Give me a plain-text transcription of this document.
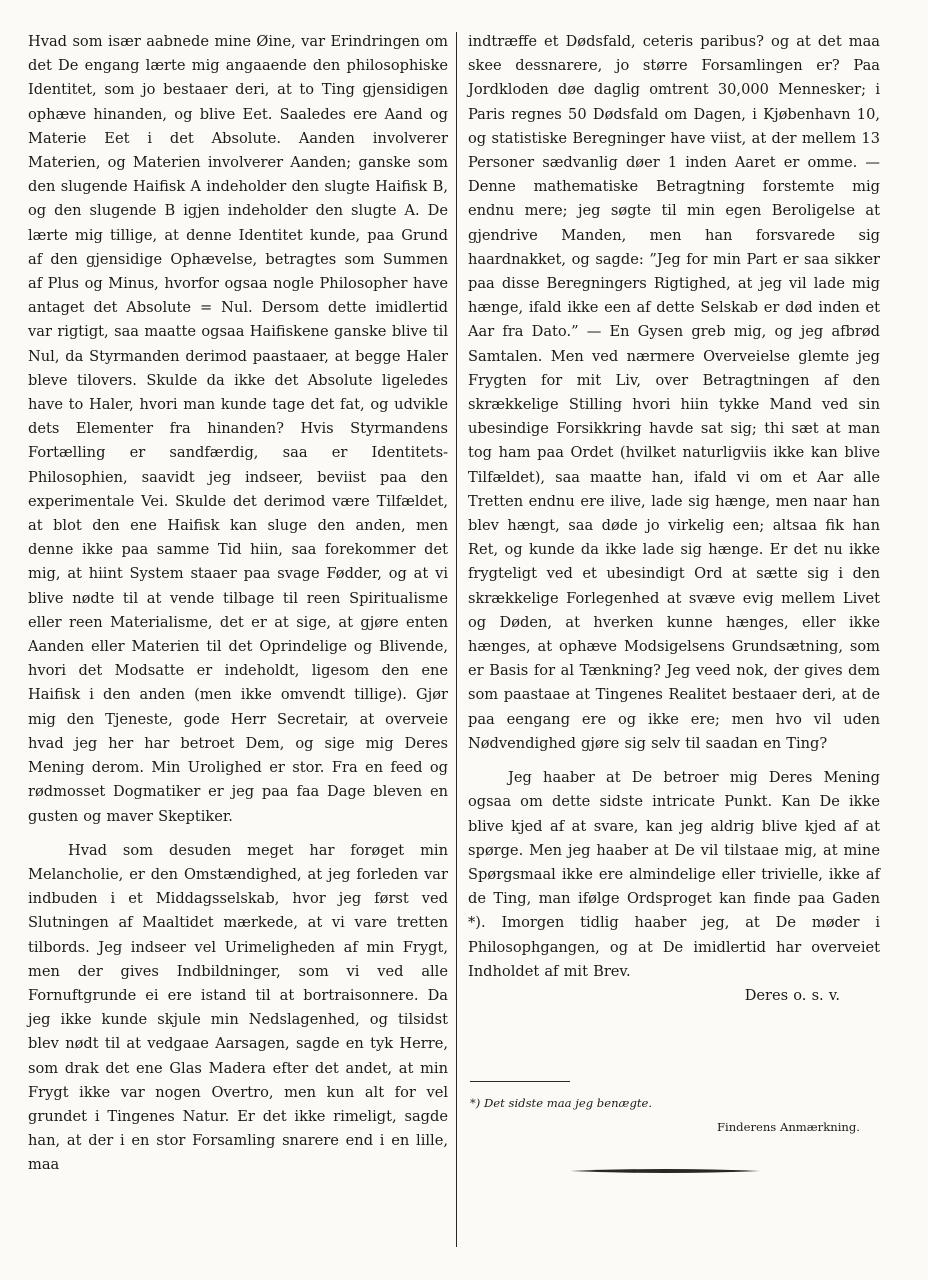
Hvad som især aabnede mine Øine, var Erindringen om det De engang lærte mig angaaende den philosophiske Identitet, som jo bestaaer deri, at to Ting gjensidigen ophæve hinanden, og blive Eet. Saaledes ere Aand og Materie Eet i det Absolute. Aanden involverer Materien, og Materien involverer Aanden; ganske som den slugende Haifisk A indeholder den slugte Haifisk B, og den slugende B igjen indeholder den slugte A. De lærte mig tillige, at denne Identitet kunde, paa Grund af den gjensidige Ophævelse, betragtes som Summen af Plus og Minus, hvorfor ogsaa nogle Philosopher have antaget det Absolute = Nul. Dersom dette imidlertid var rigtigt, saa maatte ogsaa Haifiskene ganske blive til Nul, da Styrmanden derimod paastaaer, at begge Haler bleve tilovers. Skulde da ikke det Absolute ligeledes have to Haler, hvori man kunde tage det fat, og udvikle dets Elementer fra hinanden? Hvis Styrmandens Fortælling er sandfærdig, saa er Identitets-Philosophien, saavidt jeg indseer, beviist paa den experimentale Vei. Skulde det derimod være Tilfældet, at blot den ene Haifisk kan sluge den anden, men denne ikke paa samme Tid hiin, saa forekommer det mig, at hiint System staaer paa svage Fødder, og at vi blive nødte til at vende tilbage til reen Spiritualisme eller reen Materialisme, det er at sige, at gjøre enten Aanden eller Materien til det Oprindelige og Blivende, hvori det Modsatte er indeholdt, ligesom den ene Haifisk i den anden (men ikke omvendt tillige). Gjør mig den Tjeneste, gode Herr Secretair, at overveie hvad jeg her har betroet Dem, og sige mig Deres Mening derom. Min Urolighed er stor. Fra en feed og rødmosset Dogmatiker er jeg paa faa Dage bleven en gusten og maver Skeptiker.

Hvad som desuden meget har forøget min Melancholie, er den Omstændighed, at jeg forleden var indbuden i et Middagsselskab, hvor jeg først ved Slutningen af Maaltidet mærkede, at vi vare tretten tilbords. Jeg indseer vel Urimeligheden af min Frygt, men der gives Indbildninger, som vi ved alle Fornuftgrunde ei ere istand til at bortraisonnere. Da jeg ikke kunde skjule min Nedslagenhed, og tilsidst blev nødt til at vedgaae Aarsagen, sagde en tyk Herre, som drak det ene Glas Madera efter det andet, at min Frygt ikke var nogen Overtro, men kun alt for vel grundet i Tingenes Natur. Er det ikke rimeligt, sagde han, at der i en stor Forsamling snarere end i en lille, maa

indtræffe et Dødsfald, ceteris paribus? og at det maa skee dessnarere, jo større Forsamlingen er? Paa Jordkloden døe daglig omtrent 30,000 Mennesker; i Paris regnes 50 Dødsfald om Dagen, i Kjøbenhavn 10, og statistiske Beregninger have viist, at der mellem 13 Personer sædvanlig døer 1 inden Aaret er omme. — Denne mathematiske Betragtning forstemte mig endnu mere; jeg søgte til min egen Beroligelse at gjendrive Manden, men han forsvarede sig haardnakket, og sagde: ”Jeg for min Part er saa sikker paa disse Beregningers Rigtighed, at jeg vil lade mig hænge, ifald ikke een af dette Selskab er død inden et Aar fra Dato.” — En Gysen greb mig, og jeg afbrød Samtalen. Men ved nærmere Overveielse glemte jeg Frygten for mit Liv, over Betragtningen af den skrækkelige Stilling hvori hiin tykke Mand ved sin ubesindige Forsikkring havde sat sig; thi sæt at man tog ham paa Ordet (hvilket naturligviis ikke kan blive Tilfældet), saa maatte han, ifald vi om et Aar alle Tretten endnu ere ilive, lade sig hænge, men naar han blev hængt, saa døde jo virkelig een; altsaa fik han Ret, og kunde da ikke lade sig hænge. Er det nu ikke frygteligt ved et ubesindigt Ord at sætte sig i den skrækkelige Forlegenhed at svæve evig mellem Livet og Døden, at hverken kunne hænges, eller ikke hænges, at ophæve Modsigelsens Grundsætning, som er Basis for al Tænkning? Jeg veed nok, der gives dem som paastaae at Tingenes Realitet bestaaer deri, at de paa eengang ere og ikke ere; men hvo vil uden Nødvendighed gjøre sig selv til saadan en Ting?

Jeg haaber at De betroer mig Deres Mening ogsaa om dette sidste intricate Punkt. Kan De ikke blive kjed af at svare, kan jeg aldrig blive kjed af at spørge. Men jeg haaber at De vil tilstaae mig, at mine Spørgsmaal ikke ere almindelige eller trivielle, ikke af de Ting, man ifølge Ordsproget kan finde paa Gaden *). Imorgen tidlig haaber jeg, at De møder i Philosophgangen, og at De imidlertid har overveiet Indholdet af mit Brev.

Deres o. s. v.

*) Det sidste maa jeg benægte.
Finderens Anmærkning.
